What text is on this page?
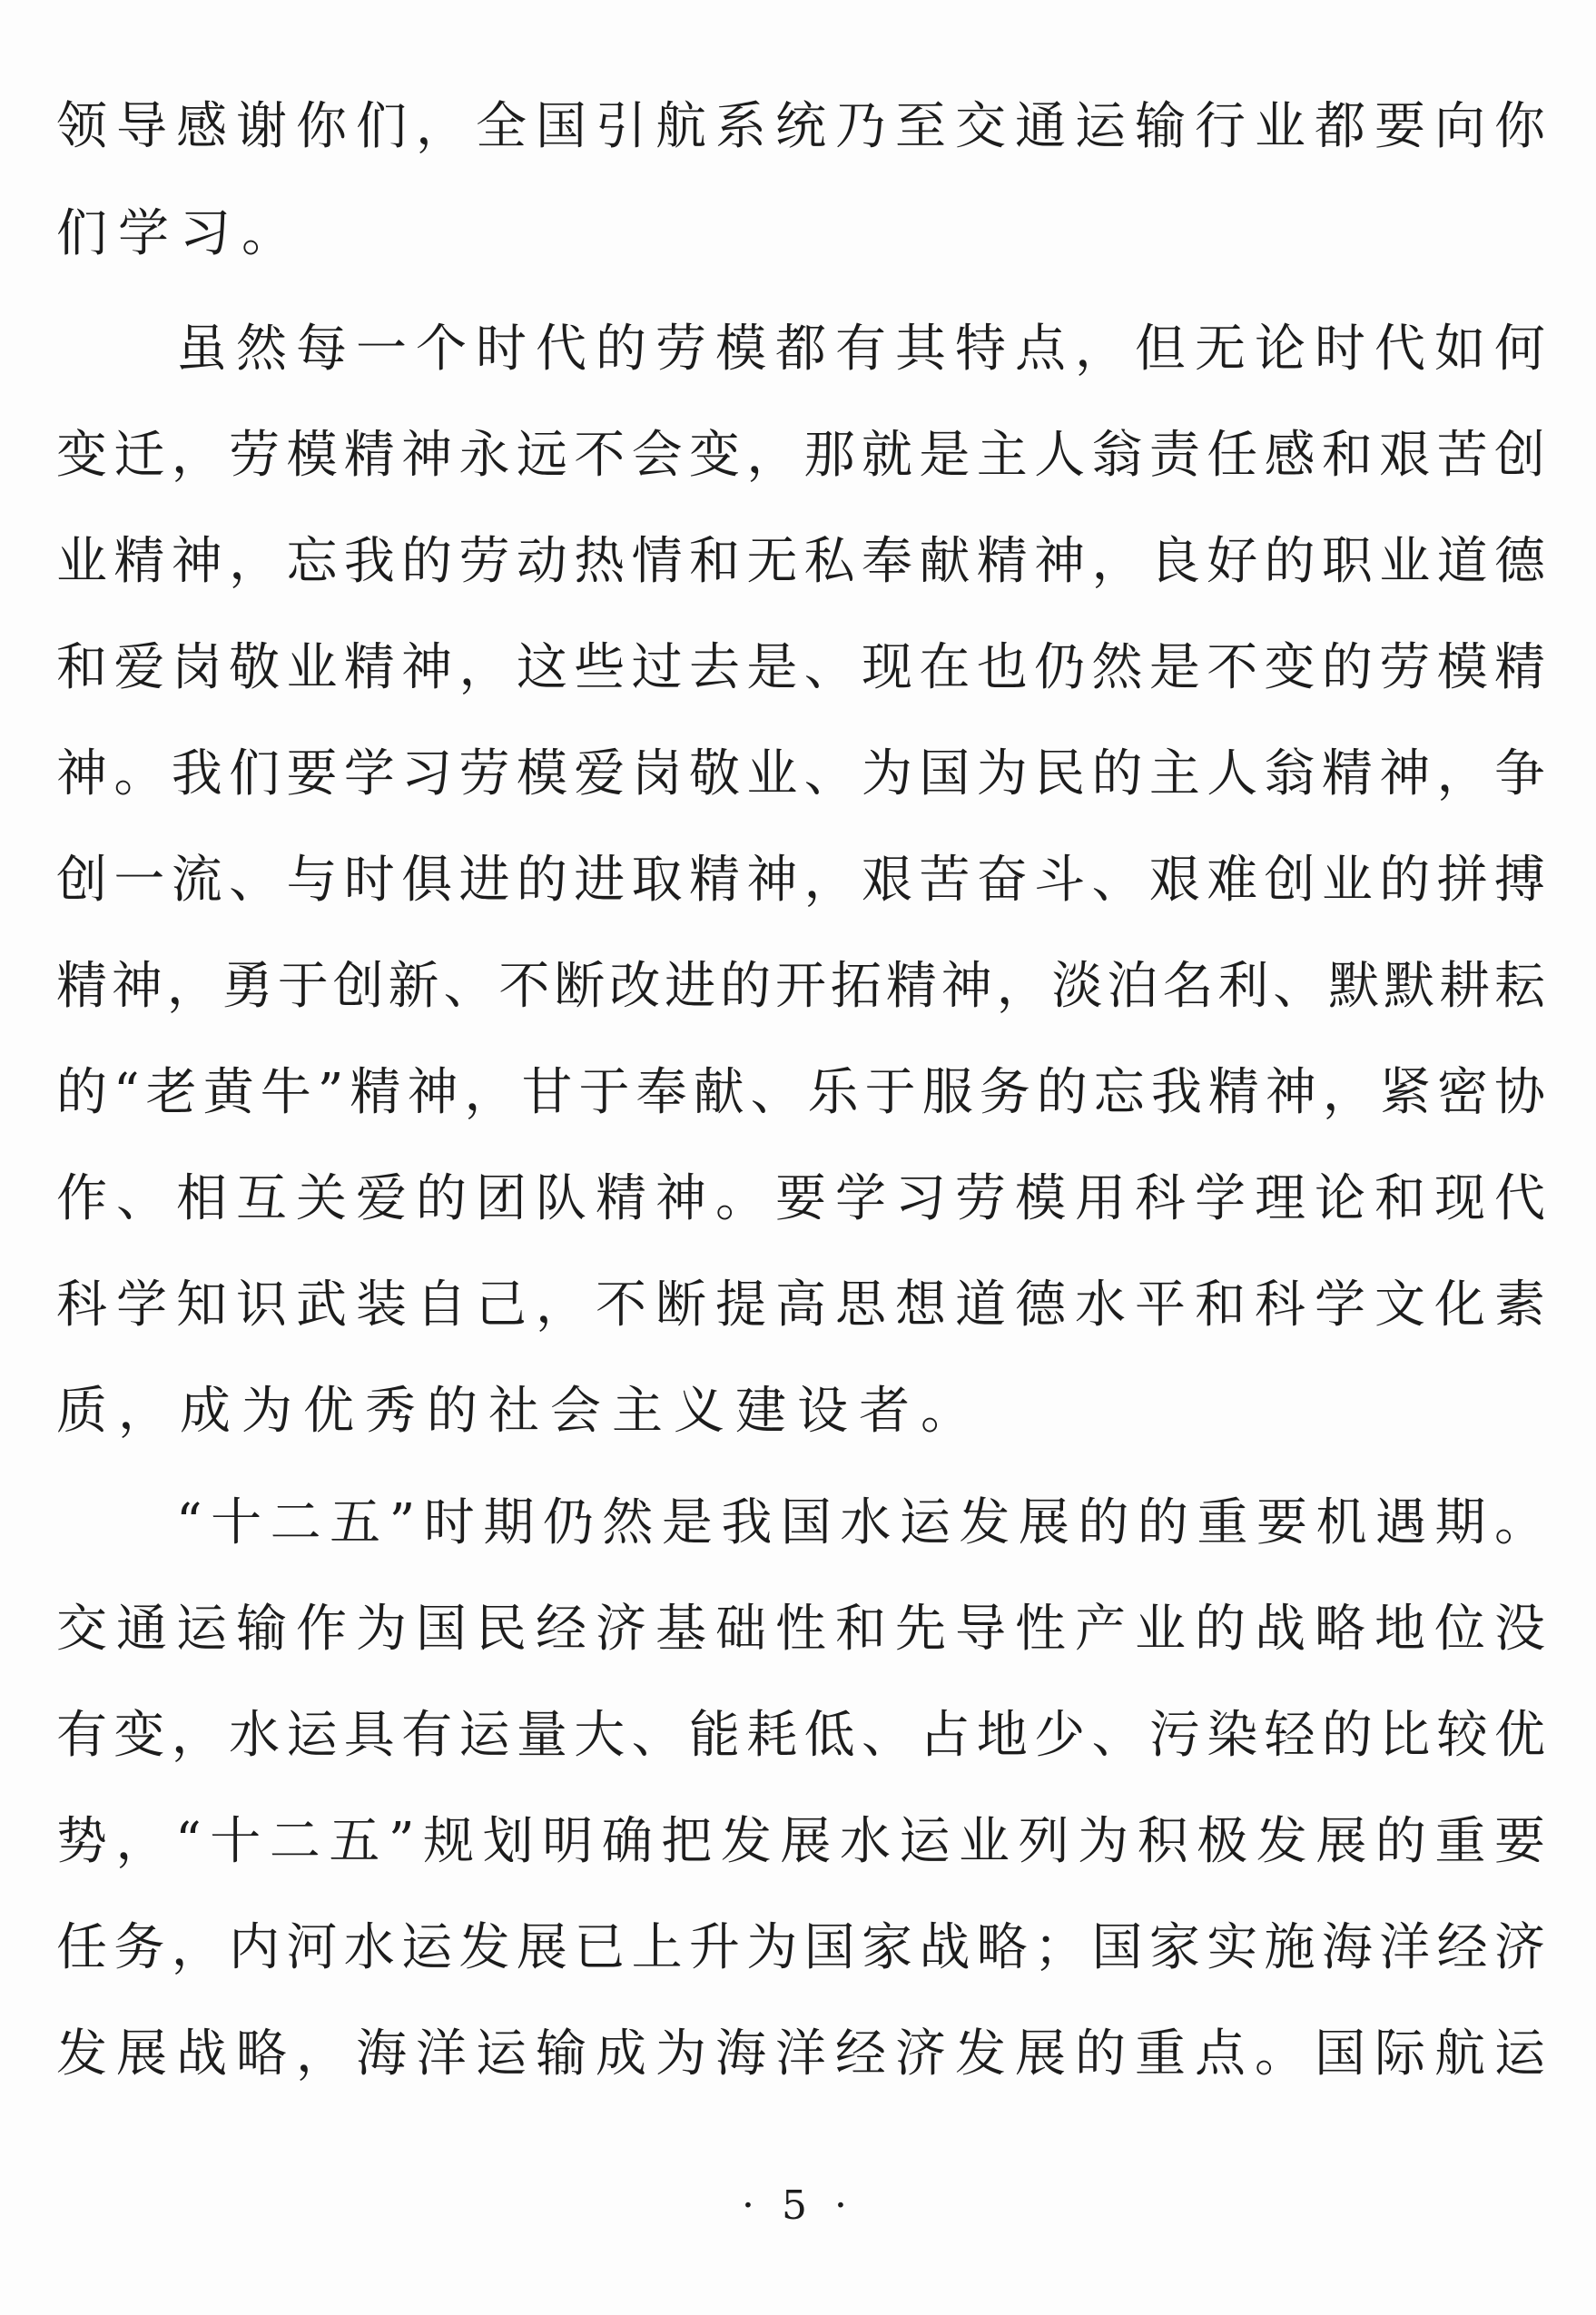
领导感谢你们，全国引航系统乃至交通运输行业都要向你
们学习。
虽然每一个时代的劳模都有其特点，但无论时代如何
变迁，劳模精神永远不会变，那就是主人翁责任感和艰苦创
业精神，忘我的劳动热情和无私奉献精神，良好的职业道德
和爱岗敬业精神，这些过去是、现在也仍然是不变的劳模精
神。我们要学习劳模爱岗敬业、为国为民的主人翁精神，争
创一流、与时俱进的进取精神，艰苦奋斗、艰难创业的拼搏
精神，勇于创新、不断改进的开拓精神，淡泊名利、默默耕耘
的“老黄牛”精神，甘于奉献、乐于服务的忘我精神，紧密协
作、相互关爱的团队精神。要学习劳模用科学理论和现代
科学知识武装自己，不断提高思想道德水平和科学文化素
质，成为优秀的社会主义建设者。
“十二五”时期仍然是我国水运发展的的重要机遇期。
交通运输作为国民经济基础性和先导性产业的战略地位没
有变，水运具有运量大、能耗低、占地少、污染轻的比较优
势，“十二五”规划明确把发展水运业列为积极发展的重要
任务，内河水运发展已上升为国家战略；国家实施海洋经济
发展战略，海洋运输成为海洋经济发展的重点。国际航运
· 5 ·
